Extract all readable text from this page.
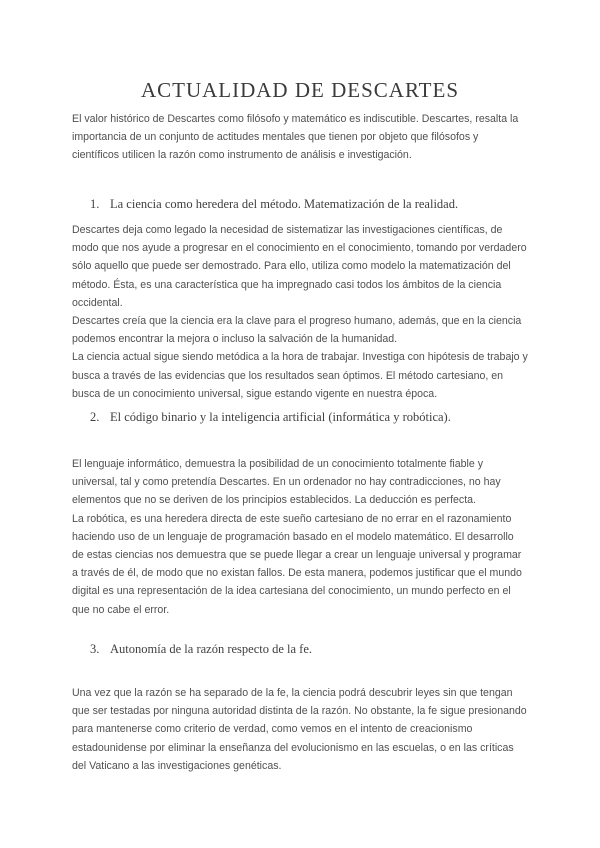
ACTUALIDAD DE DESCARTES

El valor histórico de Descartes como filósofo y matemático es indiscutible. Descartes, resalta la importancia de un conjunto de actitudes mentales que tienen por objeto que filósofos y científicos utilicen la razón como instrumento de análisis e investigación.

1. La ciencia como heredera del método. Matematización de la realidad.

Descartes deja como legado la necesidad de sistematizar las investigaciones científicas, de modo que nos ayude a progresar en el conocimiento en el conocimiento, tomando por verdadero sólo aquello que puede ser demostrado. Para ello, utiliza como modelo la matematización del método. Ésta, es una característica que ha impregnado casi todos los ámbitos de la ciencia occidental.

Descartes creía que la ciencia era la clave para el progreso humano, además, que en la ciencia podemos encontrar la mejora o incluso la salvación de la humanidad.

La ciencia actual sigue siendo metódica a la hora de trabajar. Investiga con hipótesis de trabajo y busca a través de las evidencias que los resultados sean óptimos. El método cartesiano, en busca de un conocimiento universal, sigue estando vigente en nuestra época.

2. El código binario y la inteligencia artificial (informática y robótica).

El lenguaje informático, demuestra la posibilidad de un conocimiento totalmente fiable y universal, tal y como pretendía Descartes. En un ordenador no hay contradicciones, no hay elementos que no se deriven de los principios establecidos. La deducción es perfecta.

La robótica, es una heredera directa de este sueño cartesiano de no errar en el razonamiento haciendo uso de un lenguaje de programación basado en el modelo matemático. El desarrollo de estas ciencias nos demuestra que se puede llegar a crear un lenguaje universal y programar a través de él, de modo que no existan fallos. De esta manera, podemos justificar que el mundo digital es una representación de la idea cartesiana del conocimiento, un mundo perfecto en el que no cabe el error.

3. Autonomía de la razón respecto de la fe.

Una vez que la razón se ha separado de la fe, la ciencia podrá descubrir leyes sin que tengan que ser testadas por ninguna autoridad distinta de la razón. No obstante, la fe sigue presionando para mantenerse como criterio de verdad, como vemos en el intento de creacionismo estadounidense por eliminar la enseñanza del evolucionismo en las escuelas, o en las críticas del Vaticano a las investigaciones genéticas.
